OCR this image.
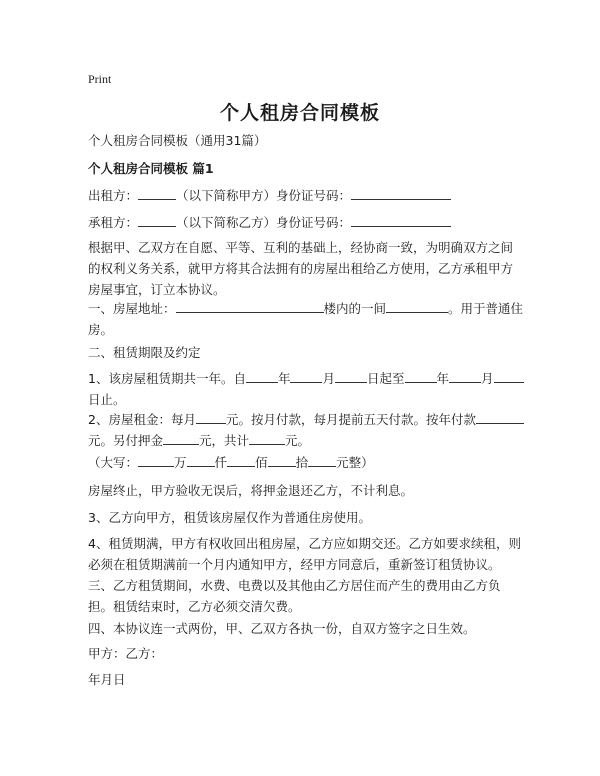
Print
个人租房合同模板

个人租房合同模板（通用31篇）

个人租房合同模板 篇1

出租方：	（以下简称甲方）身份证号码：

承租方：	（以下简称乙方）身份证号码：

根据甲、乙双方在自愿、平等、互利的基础上，经协商一致，为明确双方之间的权利义务关系，就甲方将其合法拥有的房屋出租给乙方使用，乙方承租甲方房屋事宜，订立本协议。

一、房屋地址：	楼内的一间	。用于普通住房。

二、租赁期限及约定

1、该房屋租赁期共一年。自	年	月	日起至	年	月日止。

2、房屋租金：每月 元。按月付款，每月提前五天付款。按年付款元。另付押金	元，共计	元。

（大写：	万 仟 佰 拾 元整）

房屋终止，甲方验收无误后，将押金退还乙方，不计利息。

3、乙方向甲方，租赁该房屋仅作为普通住房使用。

4、租赁期满，甲方有权收回出租房屋，乙方应如期交还。乙方如要求续租，则必须在租赁期满前一个月内通知甲方，经甲方同意后，重新签订租赁协议。

三、乙方租赁期间，水费、电费以及其他由乙方居住而产生的费用由乙方负担。租赁结束时，乙方必须交清欠费。

四、本协议连一式两份，甲、乙双方各执一份，自双方签字之日生效。

甲方：乙方：

年月日
